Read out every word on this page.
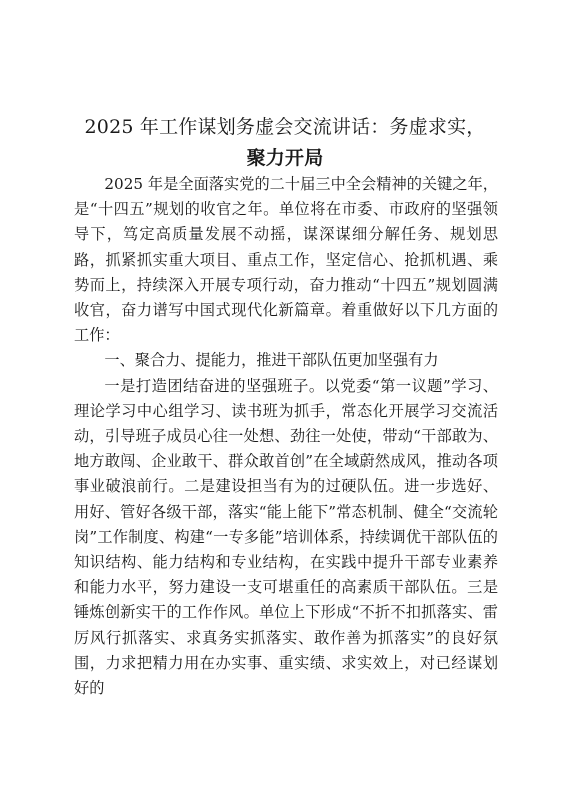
2025 年工作谋划务虚会交流讲话：务虚求实，
聚力开局

2025 年是全面落实党的二十届三中全会精神的关键之年，是“十四五”规划的收官之年。单位将在市委、市政府的坚强领导下，笃定高质量发展不动摇，谋深谋细分解任务、规划思路，抓紧抓实重大项目、重点工作，坚定信心、抢抓机遇、乘势而上，持续深入开展专项行动，奋力推动“十四五”规划圆满收官，奋力谱写中国式现代化新篇章。着重做好以下几方面的工作：

一、聚合力、提能力，推进干部队伍更加坚强有力

一是打造团结奋进的坚强班子。以党委“第一议题”学习、理论学习中心组学习、读书班为抓手，常态化开展学习交流活动，引导班子成员心往一处想、劲往一处使，带动“干部敢为、地方敢闯、企业敢干、群众敢首创”在全域蔚然成风，推动各项事业破浪前行。二是建设担当有为的过硬队伍。进一步选好、用好、管好各级干部，落实“能上能下”常态机制、健全“交流轮岗”工作制度、构建“一专多能”培训体系，持续调优干部队伍的知识结构、能力结构和专业结构，在实践中提升干部专业素养和能力水平，努力建设一支可堪重任的高素质干部队伍。三是锤炼创新实干的工作作风。单位上下形成“不折不扣抓落实、雷厉风行抓落实、求真务实抓落实、敢作善为抓落实”的良好氛围，力求把精力用在办实事、重实绩、求实效上，对已经谋划好的
